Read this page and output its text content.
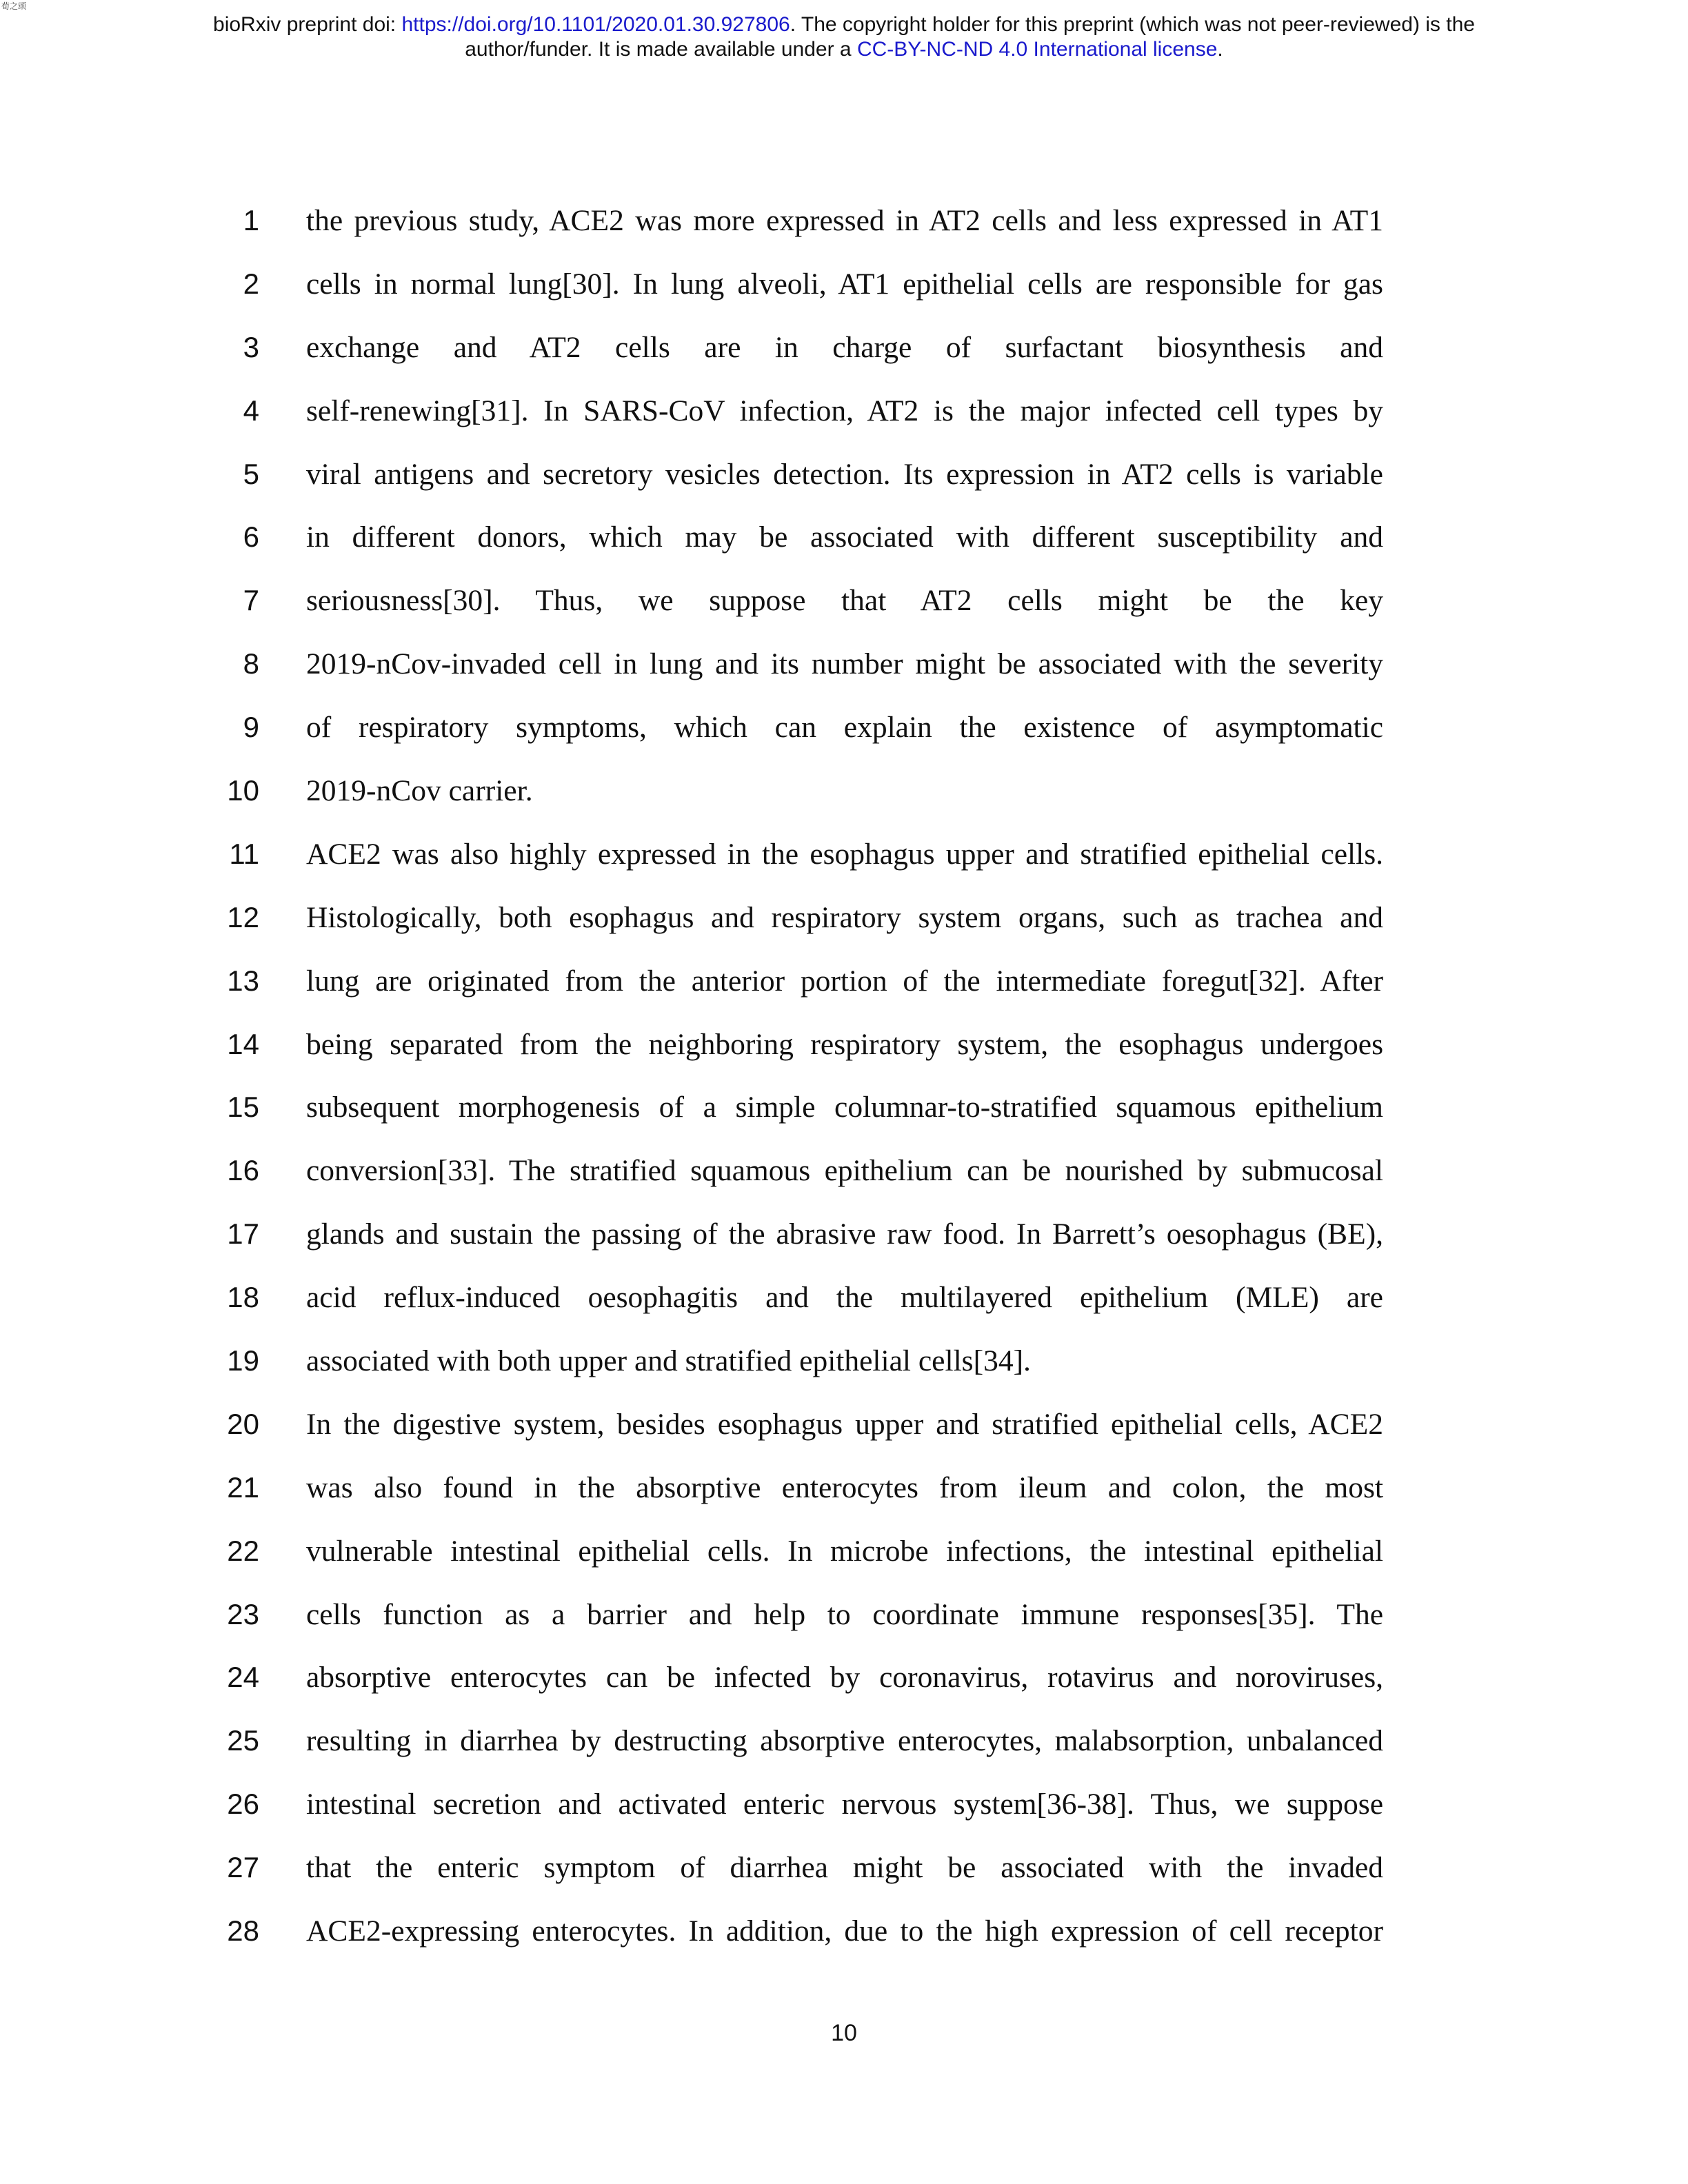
荀之颂
bioRxiv preprint doi: https://doi.org/10.1101/2020.01.30.927806. The copyright holder for this preprint (which was not peer-reviewed) is the
author/funder. It is made available under a CC-BY-NC-ND 4.0 International license.
1 the previous study, ACE2 was more expressed in AT2 cells and less expressed in AT1
2 cells in normal lung[30]. In lung alveoli, AT1 epithelial cells are responsible for gas
3 exchange and AT2 cells are in charge of surfactant biosynthesis and
4 self-renewing[31]. In SARS-CoV infection, AT2 is the major infected cell types by
5 viral antigens and secretory vesicles detection. Its expression in AT2 cells is variable
6 in different donors, which may be associated with different susceptibility and
7 seriousness[30]. Thus, we suppose that AT2 cells might be the key
8 2019-nCov-invaded cell in lung and its number might be associated with the severity
9 of respiratory symptoms, which can explain the existence of asymptomatic
10 2019-nCov carrier.
11 ACE2 was also highly expressed in the esophagus upper and stratified epithelial cells.
12 Histologically, both esophagus and respiratory system organs, such as trachea and
13 lung are originated from the anterior portion of the intermediate foregut[32]. After
14 being separated from the neighboring respiratory system, the esophagus undergoes
15 subsequent morphogenesis of a simple columnar-to-stratified squamous epithelium
16 conversion[33]. The stratified squamous epithelium can be nourished by submucosal
17 glands and sustain the passing of the abrasive raw food. In Barrett’s oesophagus (BE),
18 acid reflux-induced oesophagitis and the multilayered epithelium (MLE) are
19 associated with both upper and stratified epithelial cells[34].
20 In the digestive system, besides esophagus upper and stratified epithelial cells, ACE2
21 was also found in the absorptive enterocytes from ileum and colon, the most
22 vulnerable intestinal epithelial cells. In microbe infections, the intestinal epithelial
23 cells function as a barrier and help to coordinate immune responses[35]. The
24 absorptive enterocytes can be infected by coronavirus, rotavirus and noroviruses,
25 resulting in diarrhea by destructing absorptive enterocytes, malabsorption, unbalanced
26 intestinal secretion and activated enteric nervous system[36-38]. Thus, we suppose
27 that the enteric symptom of diarrhea might be associated with the invaded
28 ACE2-expressing enterocytes. In addition, due to the high expression of cell receptor
10
